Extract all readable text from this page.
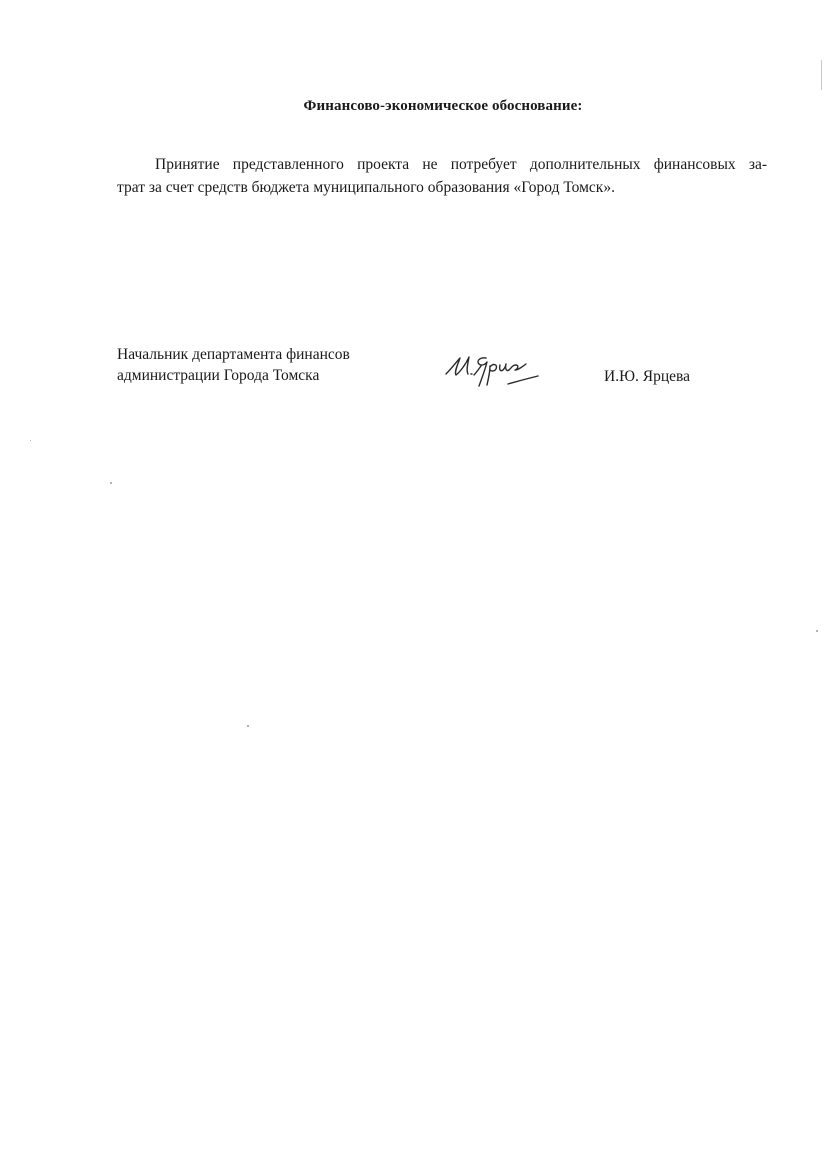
Финансово-экономическое обоснование:
Принятие представленного проекта не потребует дополнительных финансовых за-
трат за счет средств бюджета муниципального образования «Город Томск».
Начальник департамента финансов
администрации Города Томска	И.Ю. Ярцева
